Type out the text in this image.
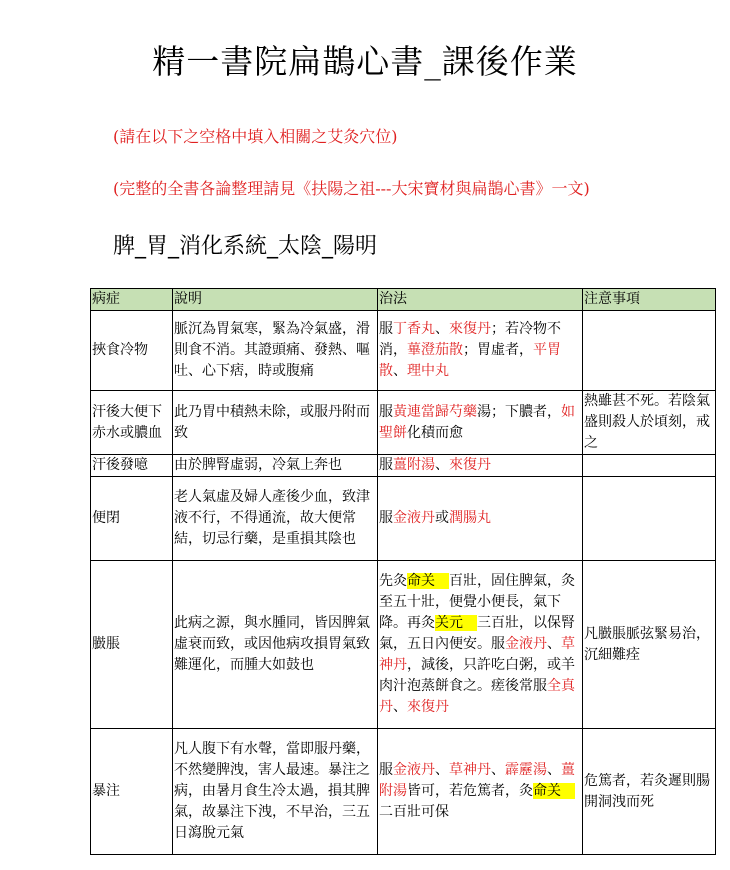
精一書院扁鵲心書_課後作業
(請在以下之空格中填入相關之艾灸穴位)
(完整的全書各論整理請見《扶陽之祖---大宋寶材與扁鵲心書》一文)
脾_胃_消化系統_太陰_陽明
病症	說明	治法	注意事項
挾食冷物	脈沉為胃氣寒，緊為冷氣盛，滑則食不消。其證頭痛、發熱、嘔吐、心下痞，時或腹痛	服丁香丸、來復丹；若冷物不消，蓽澄茄散；胃虛者，平胃散、理中丸	
汗後大便下赤水或膿血	此乃胃中積熱未除，或服丹附而致	服黃連當歸芍藥湯；下膿者，如聖餅化積而愈	熱雖甚不死。若陰氣盛則殺人於頃刻，戒之
汗後發噫	由於脾腎虛弱，冷氣上奔也	服薑附湯、來復丹	
便閉	老人氣虛及婦人產後少血，致津液不行，不得通流，故大便常結，切忌行藥，是重損其陰也	服金液丹或潤腸丸	
臌脹	此病之源，與水腫同，皆因脾氣虛衰而致，或因他病攻損胃氣致難運化，而腫大如鼓也	先灸命关　百壯，固住脾氣，灸至五十壯，便覺小便長，氣下降。再灸关元　三百壯，以保腎氣，五日內便安。服金液丹、草神丹，減後，只許吃白粥，或羊肉汁泡蒸餅食之。瘥後常服全真丹、來復丹	凡臌脹脈弦緊易治，沉細難痊
暴注	凡人腹下有水聲，當即服丹藥，不然變脾洩，害人最速。暴注之病，由暑月食生冷太過，損其脾氣，故暴注下洩，不早治，三五日瀉脫元氣	服金液丹、草神丹、霹靂湯、薑附湯皆可，若危篤者，灸命关　二百壯可保	危篤者，若灸遲則腸開洞洩而死
